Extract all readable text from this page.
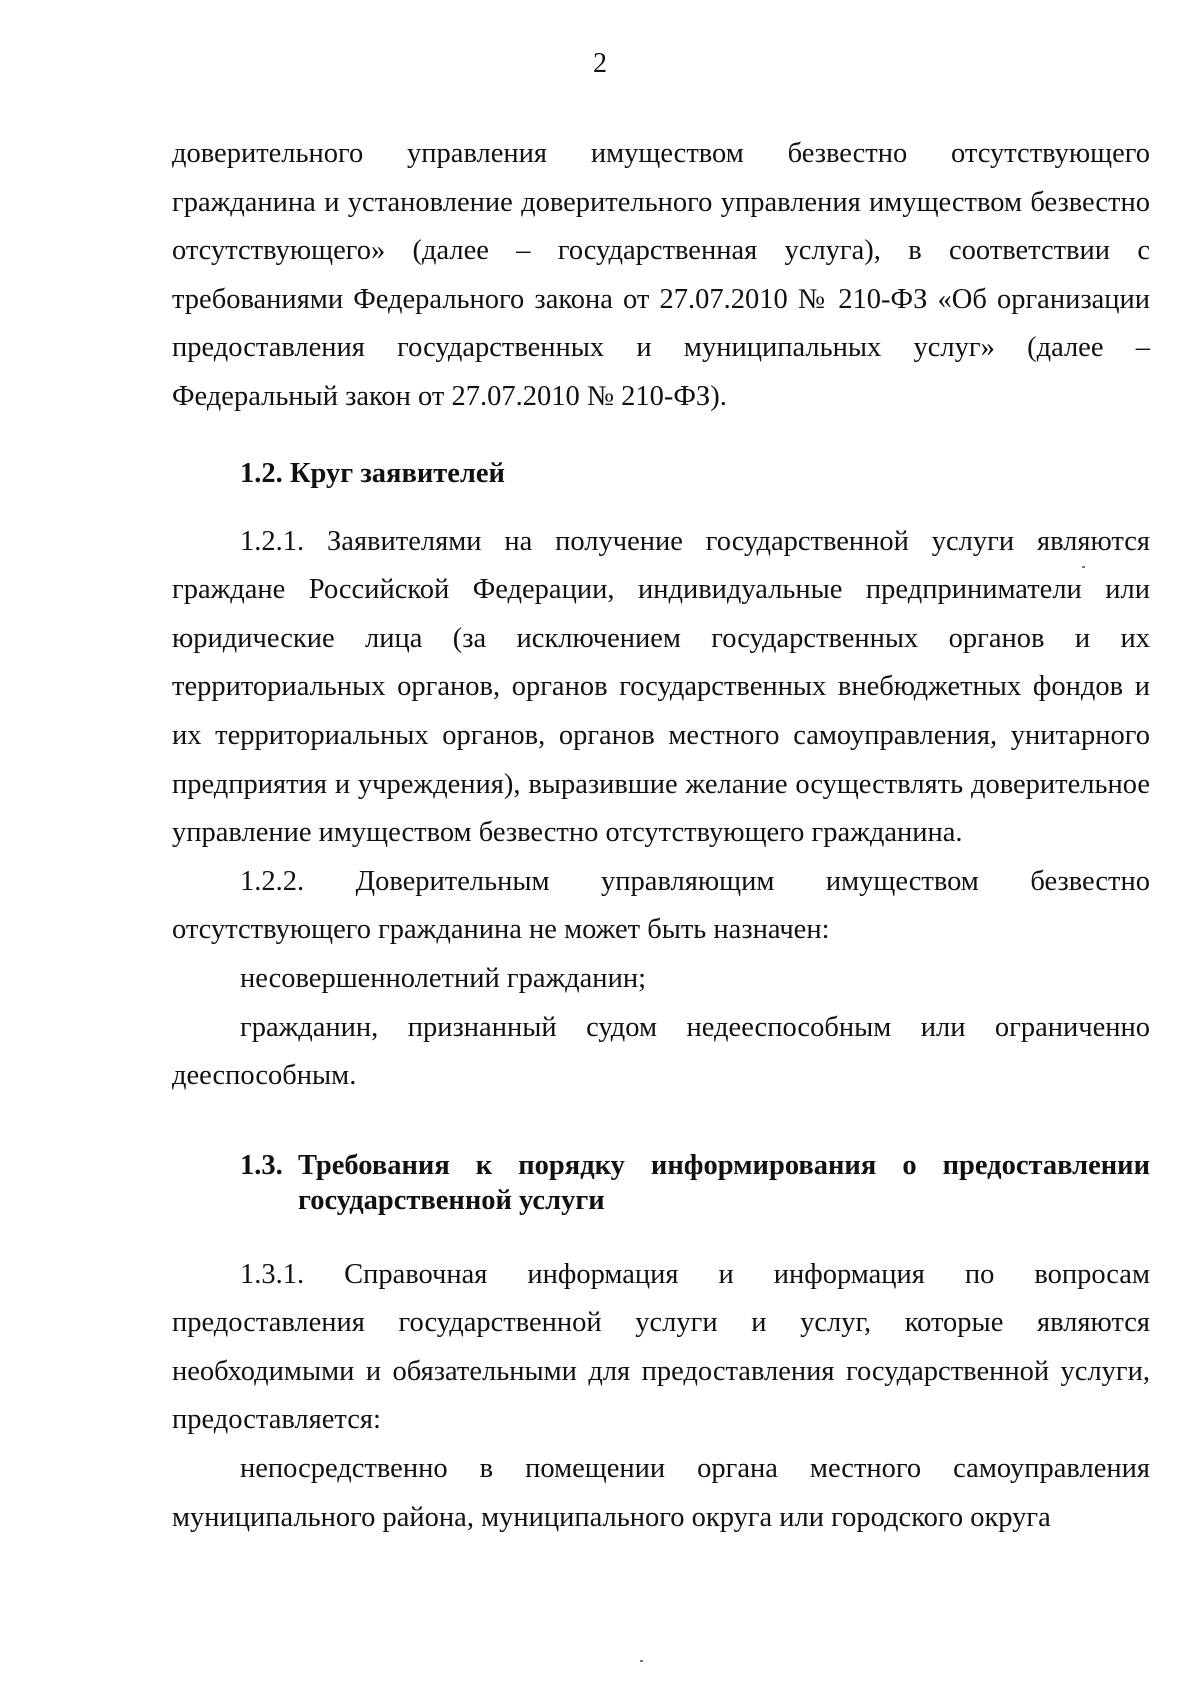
2

доверительного управления имуществом безвестно отсутствующего гражданина и установление доверительного управления имуществом безвестно отсутствующего» (далее – государственная услуга), в соответствии с требованиями Федерального закона от 27.07.2010 № 210-ФЗ «Об организации предоставления государственных и муниципальных услуг» (далее – Федеральный закон от 27.07.2010 № 210-ФЗ).

1.2. Круг заявителей

1.2.1. Заявителями на получение государственной услуги являются граждане Российской Федерации, индивидуальные предприниматели или юридические лица (за исключением государственных органов и их территориальных органов, органов государственных внебюджетных фондов и их территориальных органов, органов местного самоуправления, унитарного предприятия и учреждения), выразившие желание осуществлять доверительное управление имуществом безвестно отсутствующего гражданина.

1.2.2. Доверительным управляющим имуществом безвестно отсутствующего гражданина не может быть назначен:

несовершеннолетний гражданин;

гражданин, признанный судом недееспособным или ограниченно дееспособным.

1.3. Требования к порядку информирования о предоставлении государственной услуги

1.3.1. Справочная информация и информация по вопросам предоставления государственной услуги и услуг, которые являются необходимыми и обязательными для предоставления государственной услуги, предоставляется:

непосредственно в помещении органа местного самоуправления муниципального района, муниципального округа или городского округа
